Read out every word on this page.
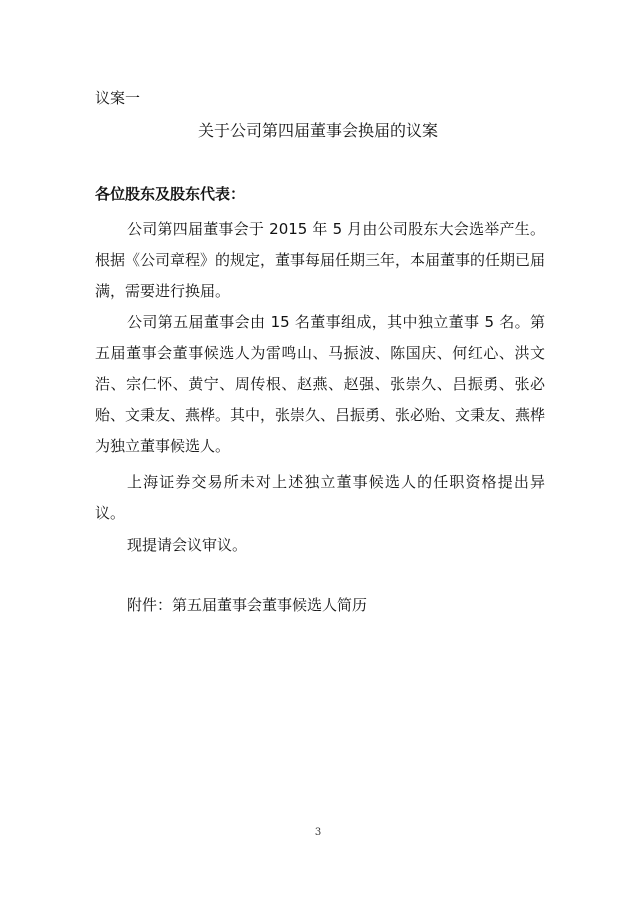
议案一
关于公司第四届董事会换届的议案
各位股东及股东代表：
公司第四届董事会于 2015 年 5 月由公司股东大会选举产生。根据《公司章程》的规定，董事每届任期三年，本届董事的任期已届满，需要进行换届。
公司第五届董事会由 15 名董事组成，其中独立董事 5 名。第五届董事会董事候选人为雷鸣山、马振波、陈国庆、何红心、洪文浩、宗仁怀、黄宁、周传根、赵燕、赵强、张崇久、吕振勇、张必贻、文秉友、燕桦。其中，张崇久、吕振勇、张必贻、文秉友、燕桦为独立董事候选人。
上海证券交易所未对上述独立董事候选人的任职资格提出异议。
现提请会议审议。
附件：第五届董事会董事候选人简历
3
